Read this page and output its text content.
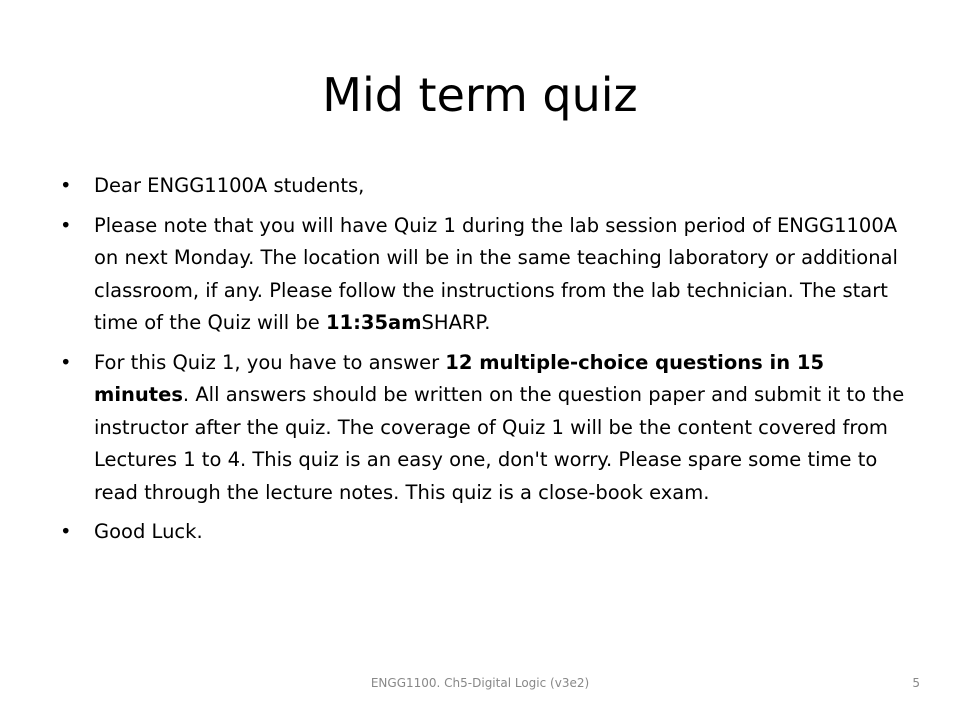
Mid term quiz
• Dear ENGG1100A students,
• Please note that you will have Quiz 1 during the lab session period of ENGG1100A on next Monday. The location will be in the same teaching laboratory or additional classroom, if any. Please follow the instructions from the lab technician. The start time of the Quiz will be 11:35amSHARP.
• For this Quiz 1, you have to answer 12 multiple-choice questions in 15 minutes. All answers should be written on the question paper and submit it to the instructor after the quiz. The coverage of Quiz 1 will be the content covered from Lectures 1 to 4. This quiz is an easy one, don't worry. Please spare some time to read through the lecture notes. This quiz is a close-book exam.
• Good Luck.
ENGG1100. Ch5-Digital Logic (v3e2)	5
